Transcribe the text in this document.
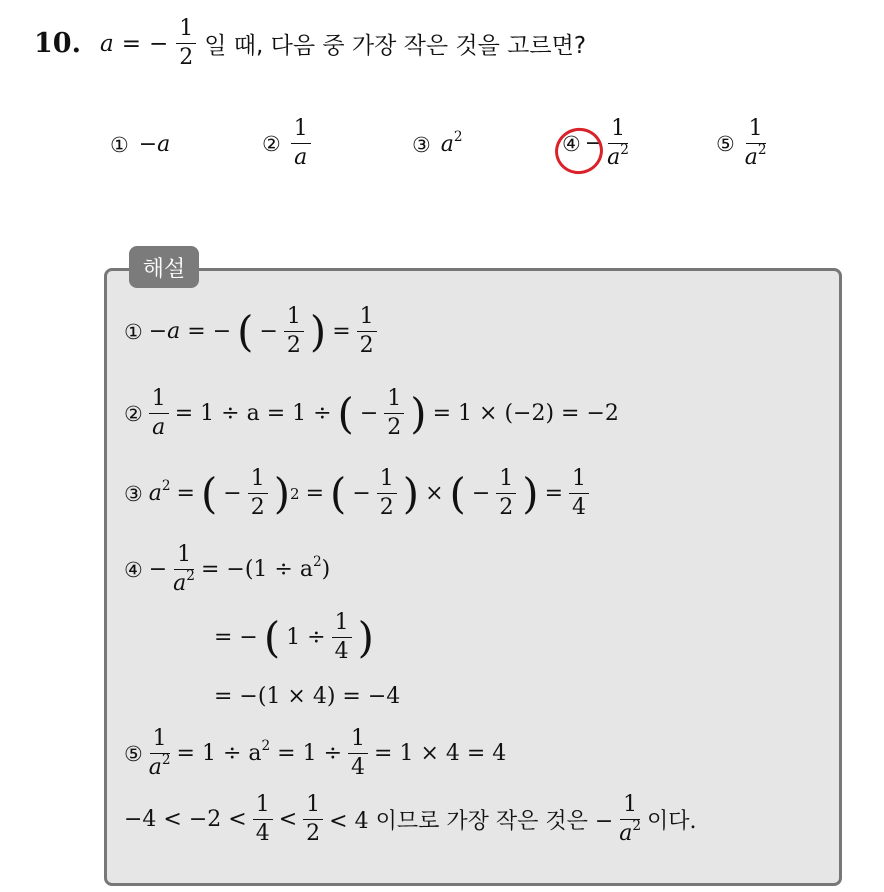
10. a = − $\frac{1}{2}$ 일 때, 다음 중 가장 작은 것을 고르면?
① −a	② $\frac{1}{a}$	③ $a^2$	④ − $\frac{1}{a^2}$	⑤ $\frac{1}{a^2}$
해설
① −a = − ( − $\frac{1}{2}$ ) = $\frac{1}{2}$
② $\frac{1}{a} = 1 \div a = 1$ ÷ ( − $\frac{1}{2}$ ) = 1 × (−2) = −2
③ $a^2$ = ( − $\frac{1}{2}$ ) 2 = ( − $\frac{1}{2}$ ) × ( − $\frac{1}{2}$ ) = $\frac{1}{4}$
④ − $\frac{1}{a^2} = -(1 \div a^2)$
= − ( $1 \div \frac{1}{4}$ )
= −(1 × 4) = −4
⑤ $\frac{1}{a^2} = 1 \div a^2 = 1 \div \frac{1}{4} = 1 \times 4 = 4$
$-4 < -2 < \frac{1}{4} < \frac{1}{2} < 4$ 이므로 가장 작은 것은 − $\frac{1}{a^2}$ 이다.
